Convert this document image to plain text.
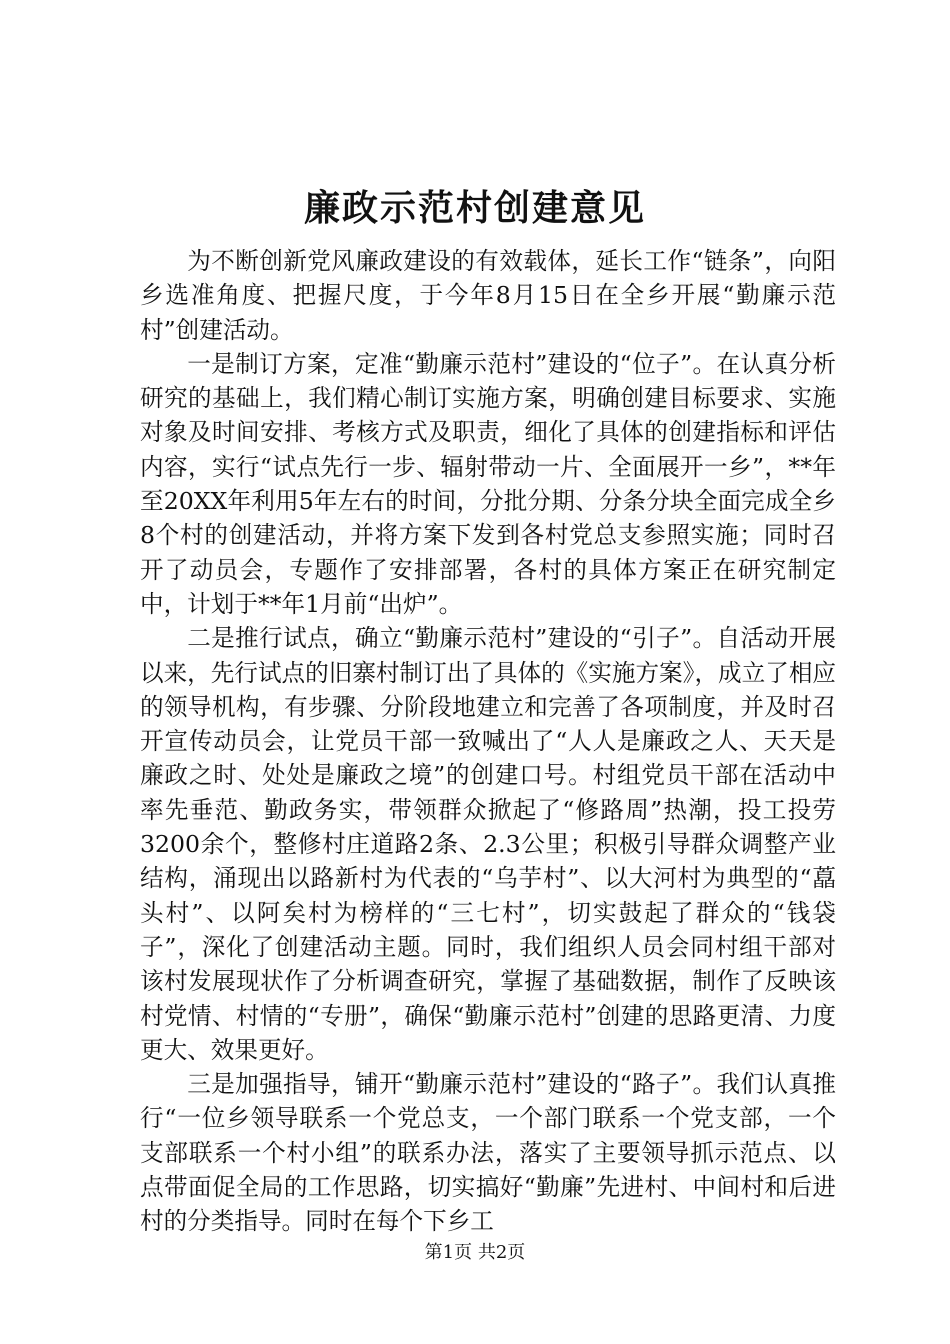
廉政示范村创建意见

为不断创新党风廉政建设的有效载体，延长工作“链条”，向阳乡选准角度、把握尺度，于今年8月15日在全乡开展“勤廉示范村”创建活动。

一是制订方案，定准“勤廉示范村”建设的“位子”。在认真分析研究的基础上，我们精心制订实施方案，明确创建目标要求、实施对象及时间安排、考核方式及职责，细化了具体的创建指标和评估内容，实行“试点先行一步、辐射带动一片、全面展开一乡”，**年至20XX年利用5年左右的时间，分批分期、分条分块全面完成全乡8个村的创建活动，并将方案下发到各村党总支参照实施；同时召开了动员会，专题作了安排部署，各村的具体方案正在研究制定中，计划于**年1月前“出炉”。

二是推行试点，确立“勤廉示范村”建设的“引子”。自活动开展以来，先行试点的旧寨村制订出了具体的《实施方案》，成立了相应的领导机构，有步骤、分阶段地建立和完善了各项制度，并及时召开宣传动员会，让党员干部一致喊出了“人人是廉政之人、天天是廉政之时、处处是廉政之境”的创建口号。村组党员干部在活动中率先垂范、勤政务实，带领群众掀起了“修路周”热潮，投工投劳3200余个，整修村庄道路2条、2.3公里；积极引导群众调整产业结构，涌现出以路新村为代表的“乌芋村”、以大河村为典型的“藠头村”、以阿矣村为榜样的“三七村”，切实鼓起了群众的“钱袋子”，深化了创建活动主题。同时，我们组织人员会同村组干部对该村发展现状作了分析调查研究，掌握了基础数据，制作了反映该村党情、村情的“专册”，确保“勤廉示范村”创建的思路更清、力度更大、效果更好。

三是加强指导，铺开“勤廉示范村”建设的“路子”。我们认真推行“一位乡领导联系一个党总支，一个部门联系一个党支部，一个支部联系一个村小组”的联系办法，落实了主要领导抓示范点、以点带面促全局的工作思路，切实搞好“勤廉”先进村、中间村和后进村的分类指导。同时在每个下乡工

第1页 共2页
